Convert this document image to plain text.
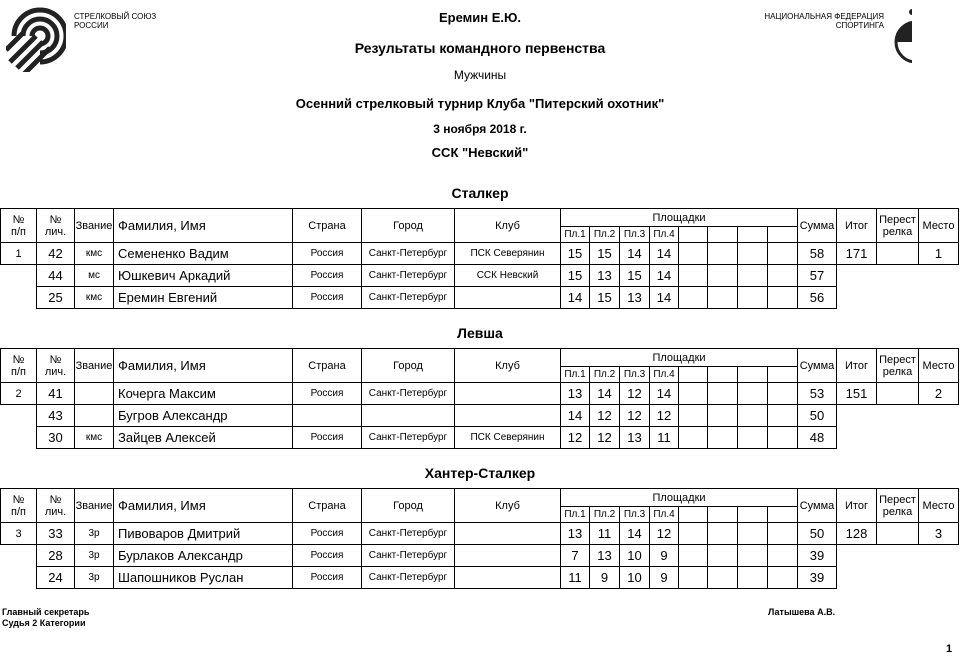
СТРЕЛКОВЫЙ СОЮЗ
РОССИИ
НАЦИОНАЛЬНАЯ ФЕДЕРАЦИЯ
СПОРТИНГА
Еремин Е.Ю.
Результаты командного первенства
Мужчины
Осенний стрелковый турнир Клуба "Питерский охотник"
3 ноября 2018 г.
ССК "Невский"
Сталкер
Левша
Хантер-Сталкер
№
п/п	№
лич.	Звание	Фамилия, Имя	Страна	Город	Клуб	Площадки								Сумма	Итог	Перест
релка	Место
							Пл.1	Пл.2	Пл.3	Пл.4								
1	42	кмс	Семененко Вадим	Россия	Санкт-Петербург	ПСК Северянин	15	15	14	14					58	171		1
	44	мс	Юшкевич Аркадий	Россия	Санкт-Петербург	ССК Невский	15	13	15	14					57			
	25	кмс	Еремин Евгений	Россия	Санкт-Петербург		14	15	13	14					56			
№
п/п	№
лич.	Звание	Фамилия, Имя	Страна	Город	Клуб	Площадки								Сумма	Итог	Перест
релка	Место
							Пл.1	Пл.2	Пл.3	Пл.4								
2	41		Кочерга Максим	Россия	Санкт-Петербург		13	14	12	14					53	151		2
	43		Бугров Александр				14	12	12	12					50			
	30	кмс	Зайцев Алексей	Россия	Санкт-Петербург	ПСК Северянин	12	12	13	11					48			
№
п/п	№
лич.	Звание	Фамилия, Имя	Страна	Город	Клуб	Площадки								Сумма	Итог	Перест
релка	Место
							Пл.1	Пл.2	Пл.3	Пл.4								
3	33	3р	Пивоваров Дмитрий	Россия	Санкт-Петербург		13	11	14	12					50	128		3
	28	3р	Бурлаков Александр	Россия	Санкт-Петербург		7	13	10	9					39			
	24	3р	Шапошников Руслан	Россия	Санкт-Петербург		11	9	10	9					39			
Главный секретарь
Судья 2 Категории
Латышева А.В.
1
